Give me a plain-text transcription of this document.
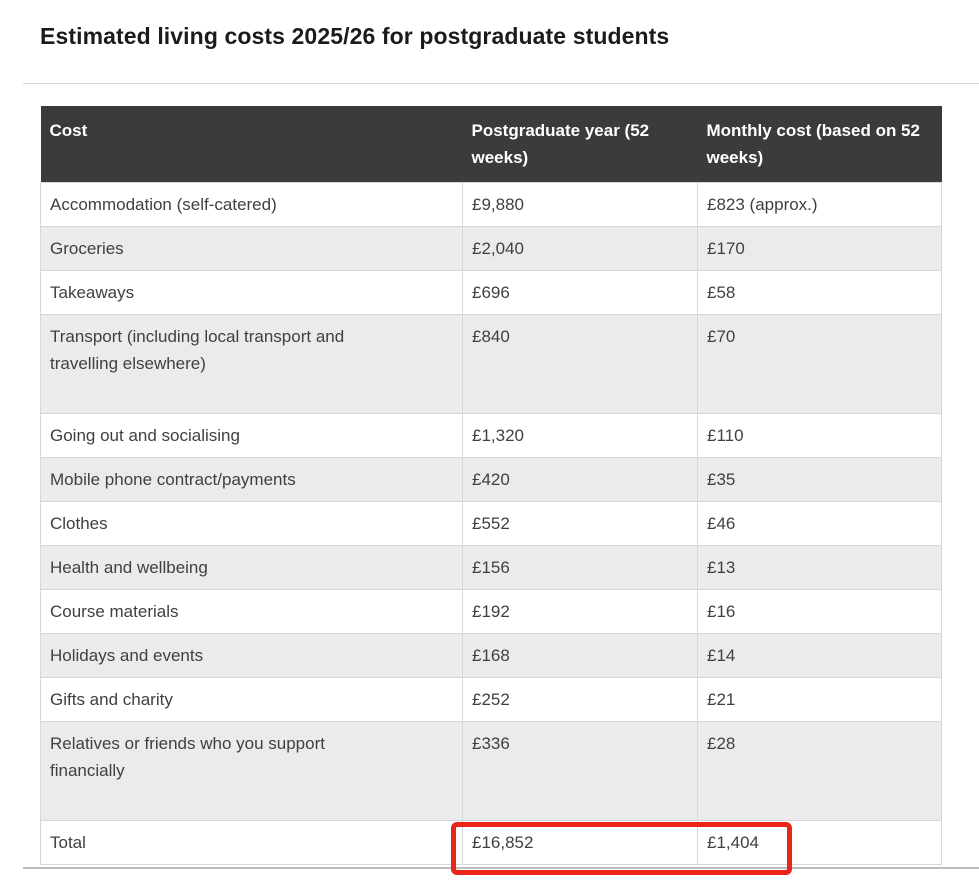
Estimated living costs 2025/26 for postgraduate students
Cost	Postgraduate year (52 weeks)	Monthly cost (based on 52 weeks)
Accommodation (self-catered)	£9,880	£823 (approx.)
Groceries	£2,040	£170
Takeaways	£696	£58
Transport (including local transport and travelling elsewhere)	£840	£70
Going out and socialising	£1,320	£110
Mobile phone contract/payments	£420	£35
Clothes	£552	£46
Health and wellbeing	£156	£13
Course materials	£192	£16
Holidays and events	£168	£14
Gifts and charity	£252	£21
Relatives or friends who you support financially	£336	£28
Total	£16,852	£1,404
